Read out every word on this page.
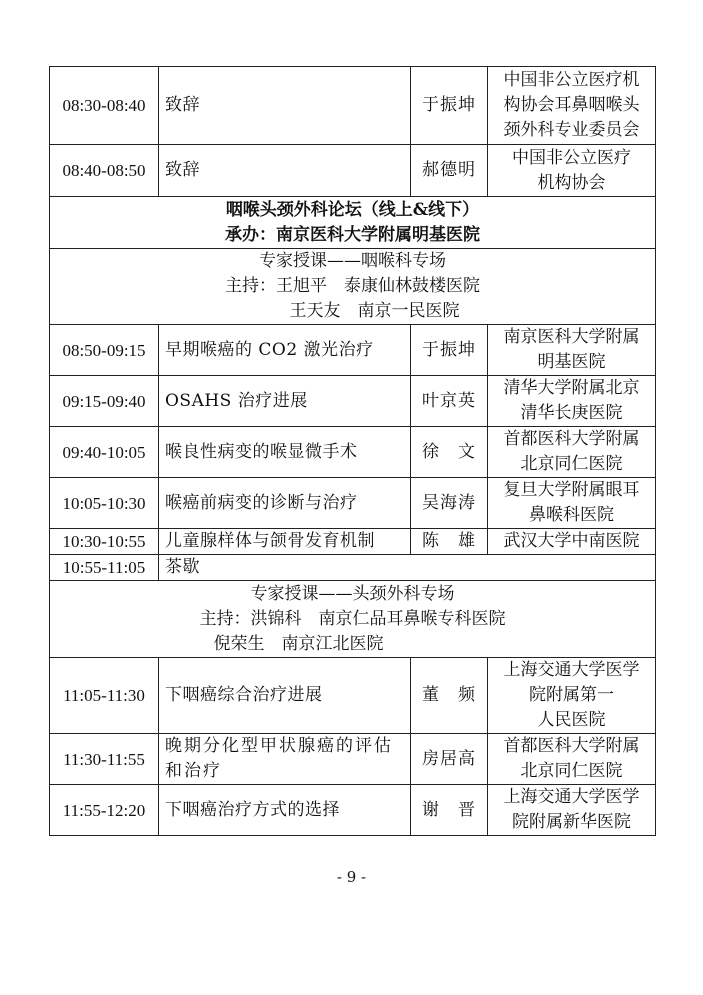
08:30-08:40	致辞	于振坤	中国非公立医疗机
构协会耳鼻咽喉头
颈外科专业委员会

08:40-08:50	致辞	郝德明	中国非公立医疗
机构协会

咽喉头颈外科论坛（线上&线下）
承办：南京医科大学附属明基医院			

专家授课——咽喉科专场
主持：王旭平　泰康仙林鼓楼医院
王天友　南京一民医院			

08:50-09:15	早期喉癌的 CO2 激光治疗	于振坤	南京医科大学附属
明基医院

09:15-09:40	OSAHS 治疗进展	叶京英	清华大学附属北京
清华长庚医院

09:40-10:05	喉良性病变的喉显微手术	徐　文	首都医科大学附属
北京同仁医院

10:05-10:30	喉癌前病变的诊断与治疗	吴海涛	复旦大学附属眼耳
鼻喉科医院

10:30-10:55	儿童腺样体与颌骨发育机制	陈　雄	武汉大学中南医院

10:55-11:05	茶歇		

专家授课——头颈外科专场
主持：洪锦科　南京仁品耳鼻喉专科医院
倪荣生　南京江北医院			

11:05-11:30	下咽癌综合治疗进展	董　频	上海交通大学医学
院附属第一
人民医院

11:30-11:55	晚期分化型甲状腺癌的评估和治疗	房居高	首都医科大学附属
北京同仁医院

11:55-12:20	下咽癌治疗方式的选择	谢　晋	上海交通大学医学
院附属新华医院
- 9 -
